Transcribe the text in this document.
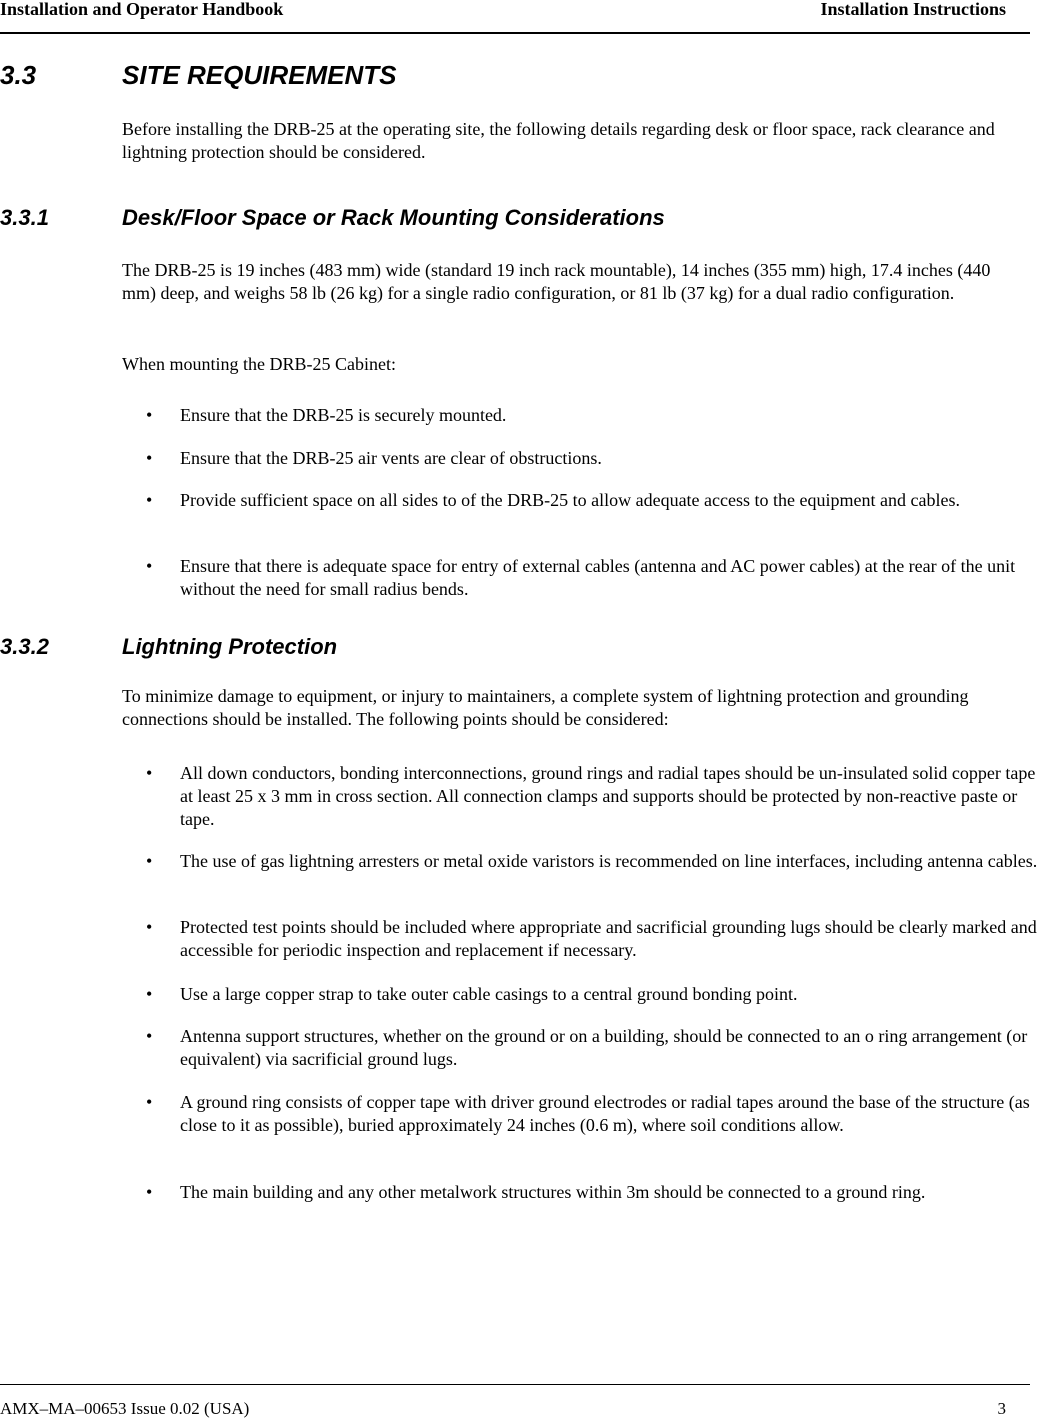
Installation and Operator Handbook	Installation Instructions
3.3	SITE REQUIREMENTS
Before installing the DRB-25 at the operating site, the following details regarding desk or floor space, rack clearance and lightning protection should be considered.
3.3.1	Desk/Floor Space or Rack Mounting Considerations
The DRB-25 is 19 inches (483 mm) wide (standard 19 inch rack mountable), 14 inches (355 mm) high, 17.4 inches (440 mm) deep, and weighs 58 lb (26 kg) for a single radio configuration, or 81 lb (37 kg) for a dual radio configuration.
When mounting the DRB-25 Cabinet:
• Ensure that the DRB-25 is securely mounted.
• Ensure that the DRB-25 air vents are clear of obstructions.
• Provide sufficient space on all sides to of the DRB-25 to allow adequate access to the equipment and cables.
• Ensure that there is adequate space for entry of external cables (antenna and AC power cables) at the rear of the unit without the need for small radius bends.
3.3.2	Lightning Protection
To minimize damage to equipment, or injury to maintainers, a complete system of lightning protection and grounding connections should be installed. The following points should be considered:
• All down conductors, bonding interconnections, ground rings and radial tapes should be un-insulated solid copper tape at least 25 x 3 mm in cross section. All connection clamps and supports should be protected by non-reactive paste or tape.
• The use of gas lightning arresters or metal oxide varistors is recommended on line interfaces, including antenna cables.
• Protected test points should be included where appropriate and sacrificial grounding lugs should be clearly marked and accessible for periodic inspection and replacement if necessary.
• Use a large copper strap to take outer cable casings to a central ground bonding point.
• Antenna support structures, whether on the ground or on a building, should be connected to an o ring arrangement (or equivalent) via sacrificial ground lugs.
• A ground ring consists of copper tape with driver ground electrodes or radial tapes around the base of the structure (as close to it as possible), buried approximately 24 inches (0.6 m), where soil conditions allow.
• The main building and any other metalwork structures within 3m should be connected to a ground ring.
AMX–MA–00653 Issue 0.02 (USA)	3
